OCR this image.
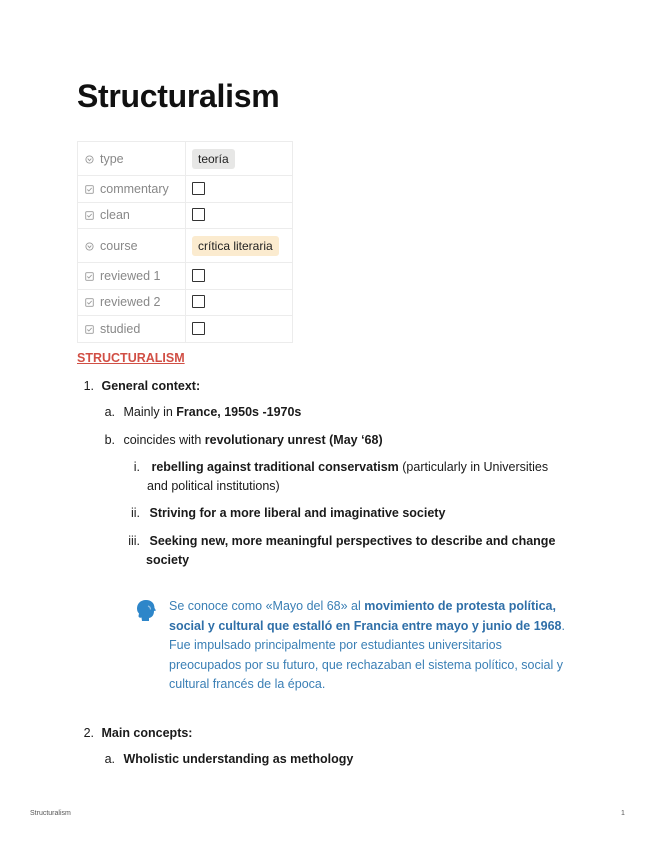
Structuralism
type	teoría
commentary	
clean	
course	crítica literaria
reviewed 1	
reviewed 2	
studied	
STRUCTURALISM
1. General context:
a. Mainly in France, 1950s -1970s
b. coincides with revolutionary unrest (May ‘68)
i. rebelling against traditional conservatism (particularly in Universities
and political institutions)
ii. Striving for a more liberal and imaginative society
iii. Seeking new, more meaningful perspectives to describe and change
society
Se conoce como «Mayo del 68» al movimiento de protesta política, social y cultural que estalló en Francia entre mayo y junio de 1968. Fue impulsado principalmente por estudiantes universitarios preocupados por su futuro, que rechazaban el sistema político, social y cultural francés de la época.
2. Main concepts:
a. Wholistic understanding as methology
Structuralism	1
